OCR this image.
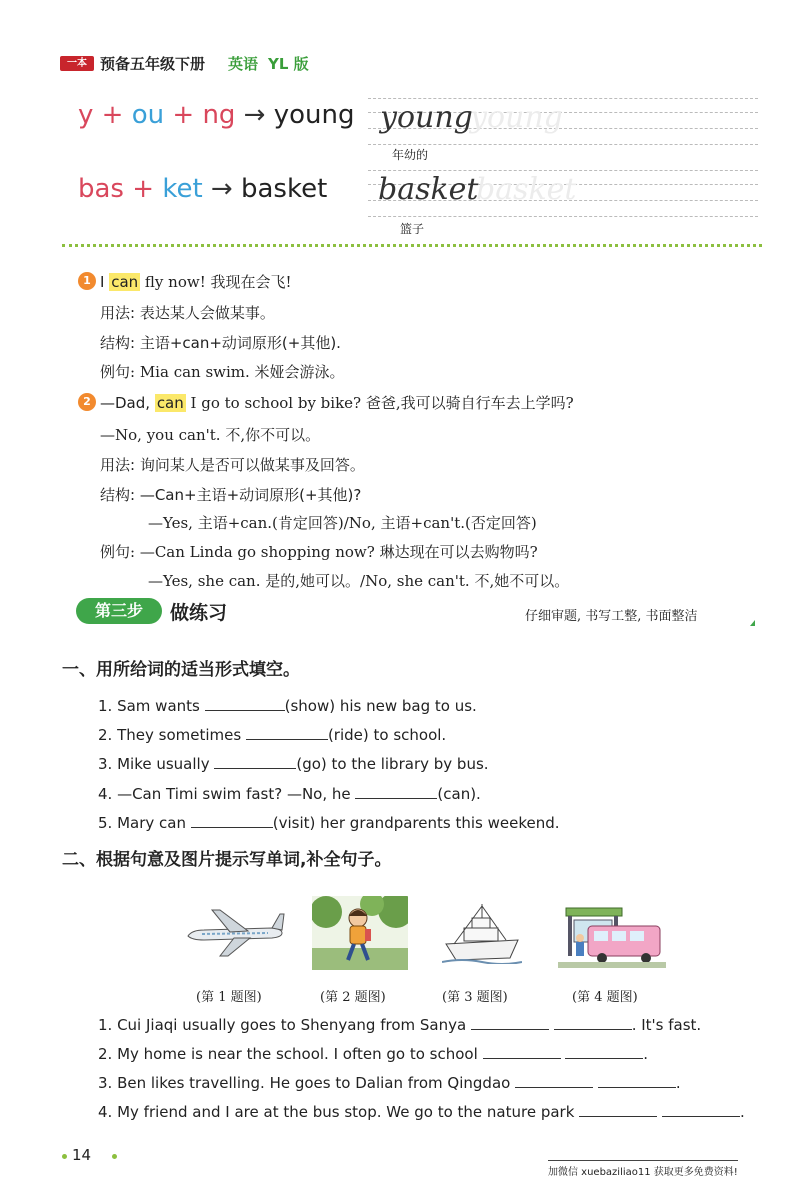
一本 预备五年级下册 英语 YL 版
y + ou + ng → young young
young
年幼的
bas + ket → basket basket
basket
篮子
1 I can fly now! 我现在会飞!
用法: 表达某人会做某事。
结构: 主语+can+动词原形(+其他).
例句: Mia can swim. 米娅会游泳。
2 —Dad, can I go to school by bike? 爸爸,我可以骑自行车去上学吗?
—No, you can't. 不,你不可以。
用法: 询问某人是否可以做某事及回答。
结构: —Can+主语+动词原形(+其他)?
—Yes, 主语+can.(肯定回答)/No, 主语+can't.(否定回答)
例句: —Can Linda go shopping now? 琳达现在可以去购物吗?
—Yes, she can. 是的,她可以。/No, she can't. 不,她不可以。
第三步	做练习	仔细审题, 书写工整, 书面整洁
一、用所给词的适当形式填空。
1. Sam wants	(show) his new bag to us.
2. They sometimes	(ride) to school.
3. Mike usually	(go) to the library by bus.
4. —Can Timi swim fast? —No, he	(can).
5. Mary can	(visit) her grandparents this weekend.
二、根据句意及图片提示写单词,补全句子。
(第 1 题图)	(第 2 题图)	(第 3 题图)	(第 4 题图)
1. Cui Jiaqi usually goes to Shenyang from Sanya	. It's fast.
2. My home is near the school. I often go to school	.
3. Ben likes travelling. He goes to Dalian from Qingdao	.
4. My friend and I are at the bus stop. We go to the nature park	.
14
加微信 xuebaziliao11 获取更多免费资料!
